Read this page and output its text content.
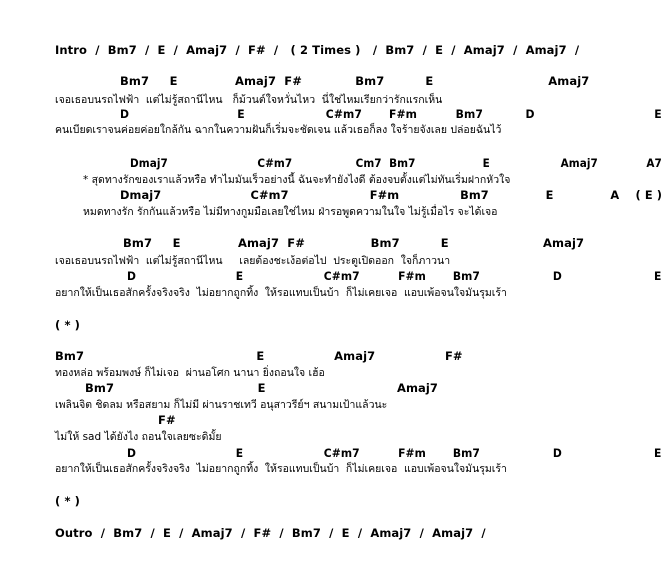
Intro  /  Bm7  /  E  /  Amaj7  /  F#  /   ( 2 Times )   /  Bm7  /  E  /  Amaj7  /  Amaj7  /
Bm7     E              Amaj7  F#             Bm7          E                            Amaj7
เจอเธอบนรถไฟฟ้า  แต่ไม่รู้สถานีไหน   ก็ม้วนต์ใจหวั่นไหว  นี่ใช่ไหมเรียกว่ารักแรกเห็น
D                            E                     C#m7       F#m          Bm7           D                               E
คนเบียดเราจนค่อยค่อยใกล้กัน ฉากในความฝันก็เริ่มจะชัดเจน แล้วเธอก็ลง ใจร้ายจังเลย ปล่อยฉันไว้
Dmaj7                        C#m7                 Cm7  Bm7                  E                   Amaj7             A7
* สุดทางรักของเราแล้วหรือ ทำไมมันเร็วอย่างนี้ ฉันจะทำยังไงดี ต้องจบตั้งแต่ไม่ทันเริ่มฝากหัวใจ
Dmaj7                      C#m7                    F#m               Bm7              E              A    ( E )
หมดทางรัก รักกันแล้วหรือ ไม่มีทางกูมมือเลยใช่ไหม ฝ่ารอพูดความในใจ ไม่รู้เมื่อไร จะได้เจอ
Bm7     E              Amaj7  F#                Bm7          E                       Amaj7
เจอเธอบนรถไฟฟ้า  แต่ไม่รู้สถานีไหน     เลยต้องชะเง้อต่อไป  ประตูเปิดออก  ใจก็ภาวนา
D                          E                     C#m7          F#m       Bm7                   D                        E
อยากให้เป็นเธอสักครั้งจริงจริง  ไม่อยากถูกทิ้ง  ให้รอแทบเป็นบ้า  ก็ไม่เคยเจอ  แอบเพ้อจนใจมันรุมเร้า
( * )
Bm7                                          E                 Amaj7                 F#
ทองหล่อ พร้อมพงษ์ ก็ไม่เจอ  ผ่านอโศก นานา ยิ่งถอนใจ เฮ้อ
Bm7                                   E                                Amaj7
เพลินจิต ชิดลม หรือสยาม ก็ไม่มี ผ่านราชเทวี อนุสาวรีย์ฯ สนามเป้าแล้วนะ
F#
ไม่ให้ sad ได้ยังไง ถอนใจเลยซะดิมั้ย
D                          E                     C#m7          F#m       Bm7                   D                        E
อยากให้เป็นเธอสักครั้งจริงจริง  ไม่อยากถูกทิ้ง  ให้รอแทบเป็นบ้า  ก็ไม่เคยเจอ  แอบเพ้อจนใจมันรุมเร้า
( * )
Outro  /  Bm7  /  E  /  Amaj7  /  F#  /  Bm7  /  E  /  Amaj7  /  Amaj7  /
